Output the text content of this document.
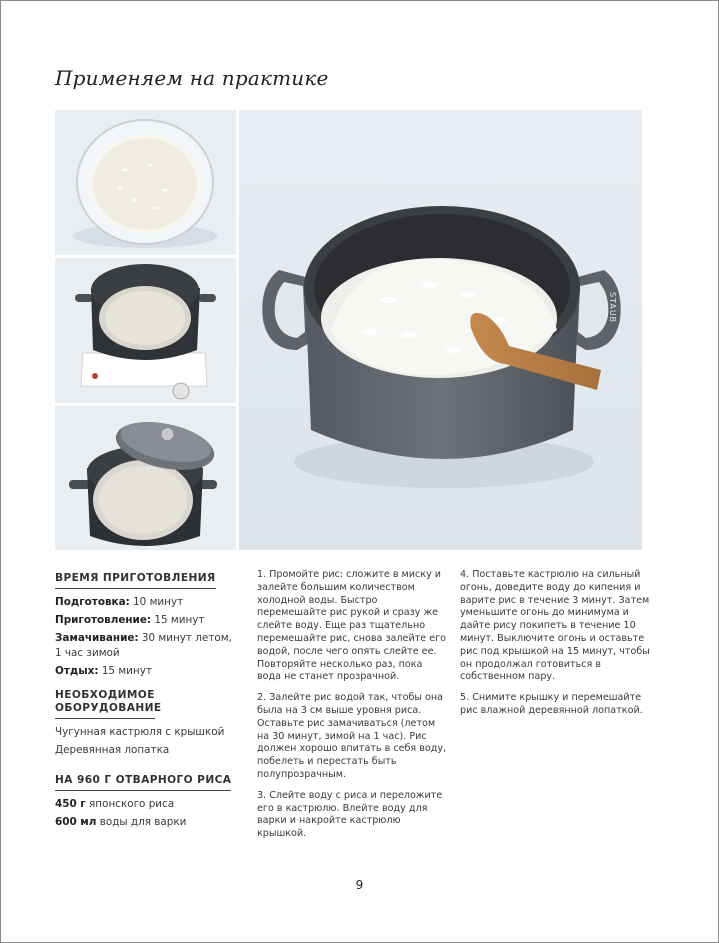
Применяем на практике
STAUB	STAUB
ВРЕМЯ ПРИГОТОВЛЕНИЯ
Подготовка: 10 минут
Приготовление: 15 минут
Замачивание: 30 минут летом, 1 час зимой
Отдых: 15 минут
НЕОБХОДИМОЕ ОБОРУДОВАНИЕ
Чугунная кастрюля с крышкой
Деревянная лопатка
НА 960 Г ОТВАРНОГО РИСА
450 г японского риса
600 мл воды для варки

1. Промойте рис: сложите в миску и залейте большим количеством холодной воды. Быстро перемешайте рис рукой и сразу же слейте воду. Еще раз тщательно перемешайте рис, снова залейте его водой, после чего опять слейте ее. Повторяйте несколько раз, пока вода не станет прозрачной.

2. Залейте рис водой так, чтобы она была на 3 см выше уровня риса. Оставьте рис замачиваться (летом на 30 минут, зимой на 1 час). Рис должен хорошо впитать в себя воду, побелеть и перестать быть полупрозрачным.

3. Слейте воду с риса и переложите его в кастрюлю. Влейте воду для варки и накройте кастрюлю крышкой.

4. Поставьте кастрюлю на сильный огонь, доведите воду до кипения и варите рис в течение 3 минут. Затем уменьшите огонь до минимума и дайте рису покипеть в течение 10 минут. Выключите огонь и оставьте рис под крышкой на 15 минут, чтобы он продолжал готовиться в собственном пару.

5. Снимите крышку и перемешайте рис влажной деревянной лопаткой.

9
